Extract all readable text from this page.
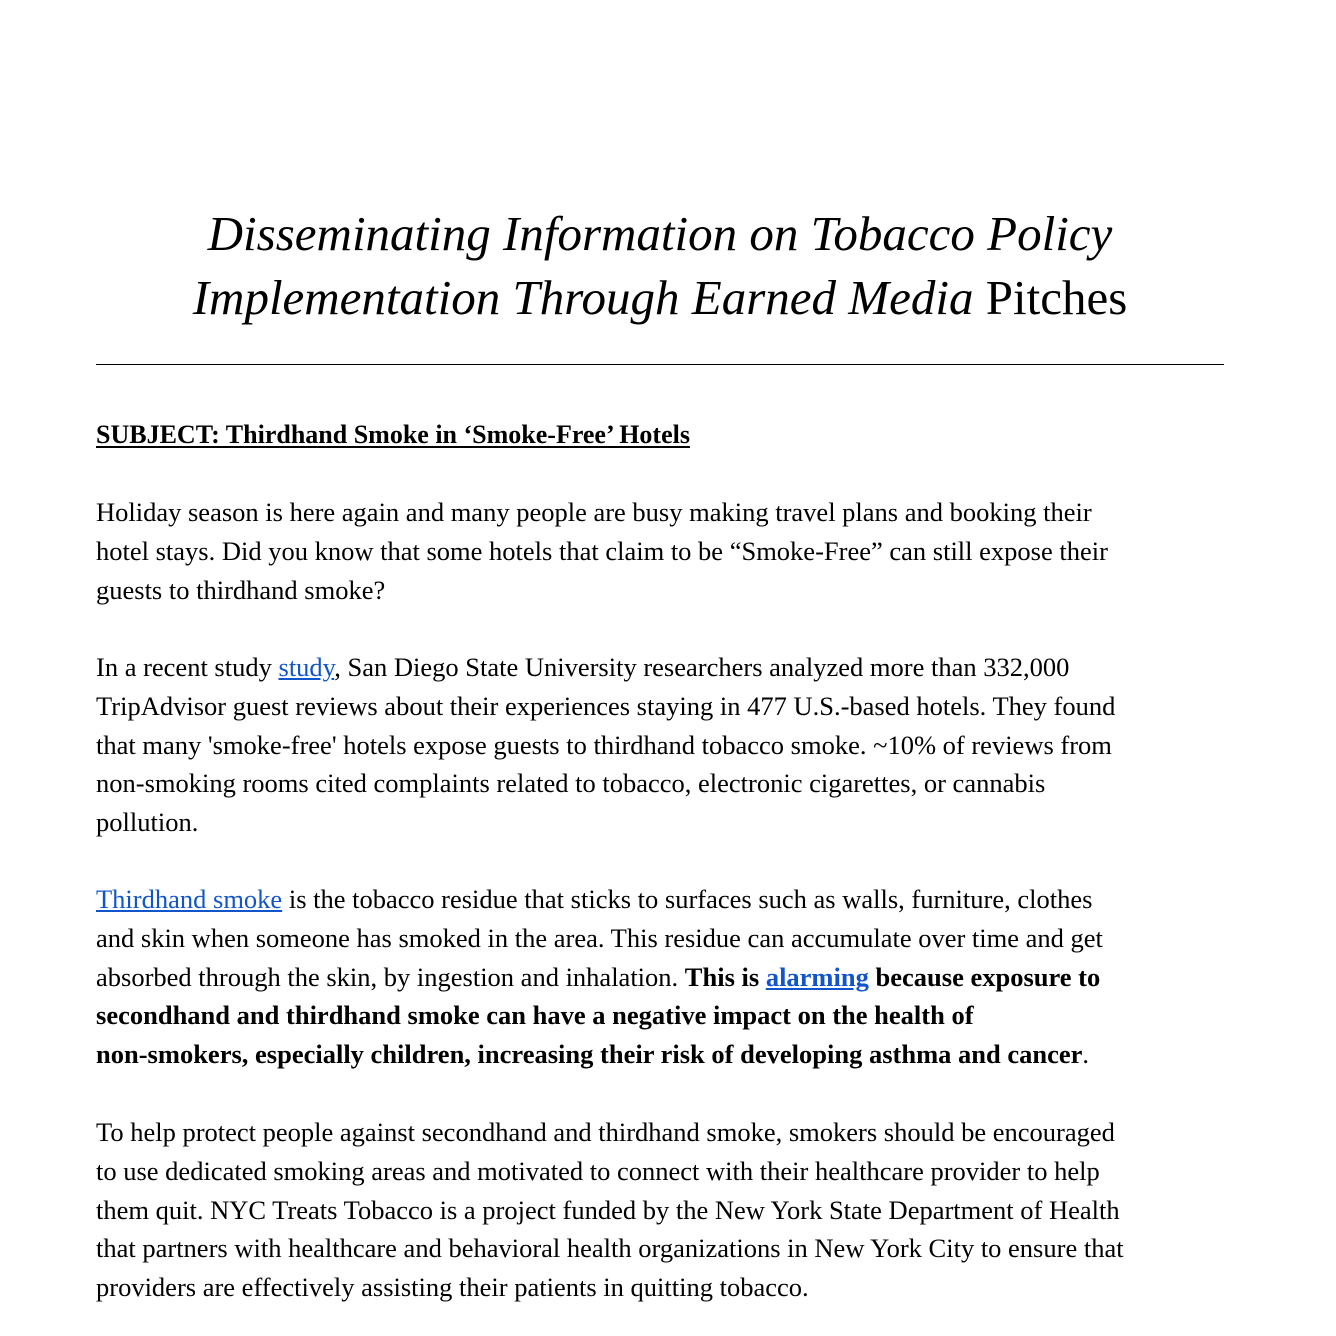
Disseminating Information on Tobacco Policy
Implementation Through Earned Media Pitches

SUBJECT: Thirdhand Smoke in ‘Smoke-Free’ Hotels

Holiday season is here again and many people are busy making travel plans and booking their
hotel stays. Did you know that some hotels that claim to be “Smoke-Free” can still expose their
guests to thirdhand smoke?

In a recent study study, San Diego State University researchers analyzed more than 332,000
TripAdvisor guest reviews about their experiences staying in 477 U.S.-based hotels. They found
that many 'smoke-free' hotels expose guests to thirdhand tobacco smoke. ~10% of reviews from
non-smoking rooms cited complaints related to tobacco, electronic cigarettes, or cannabis
pollution.

Thirdhand smoke is the tobacco residue that sticks to surfaces such as walls, furniture, clothes
and skin when someone has smoked in the area. This residue can accumulate over time and get
absorbed through the skin, by ingestion and inhalation. This is alarming because exposure to
secondhand and thirdhand smoke can have a negative impact on the health of
non-smokers, especially children, increasing their risk of developing asthma and cancer.

To help protect people against secondhand and thirdhand smoke, smokers should be encouraged
to use dedicated smoking areas and motivated to connect with their healthcare provider to help
them quit. NYC Treats Tobacco is a project funded by the New York State Department of Health
that partners with healthcare and behavioral health organizations in New York City to ensure that
providers are effectively assisting their patients in quitting tobacco.
